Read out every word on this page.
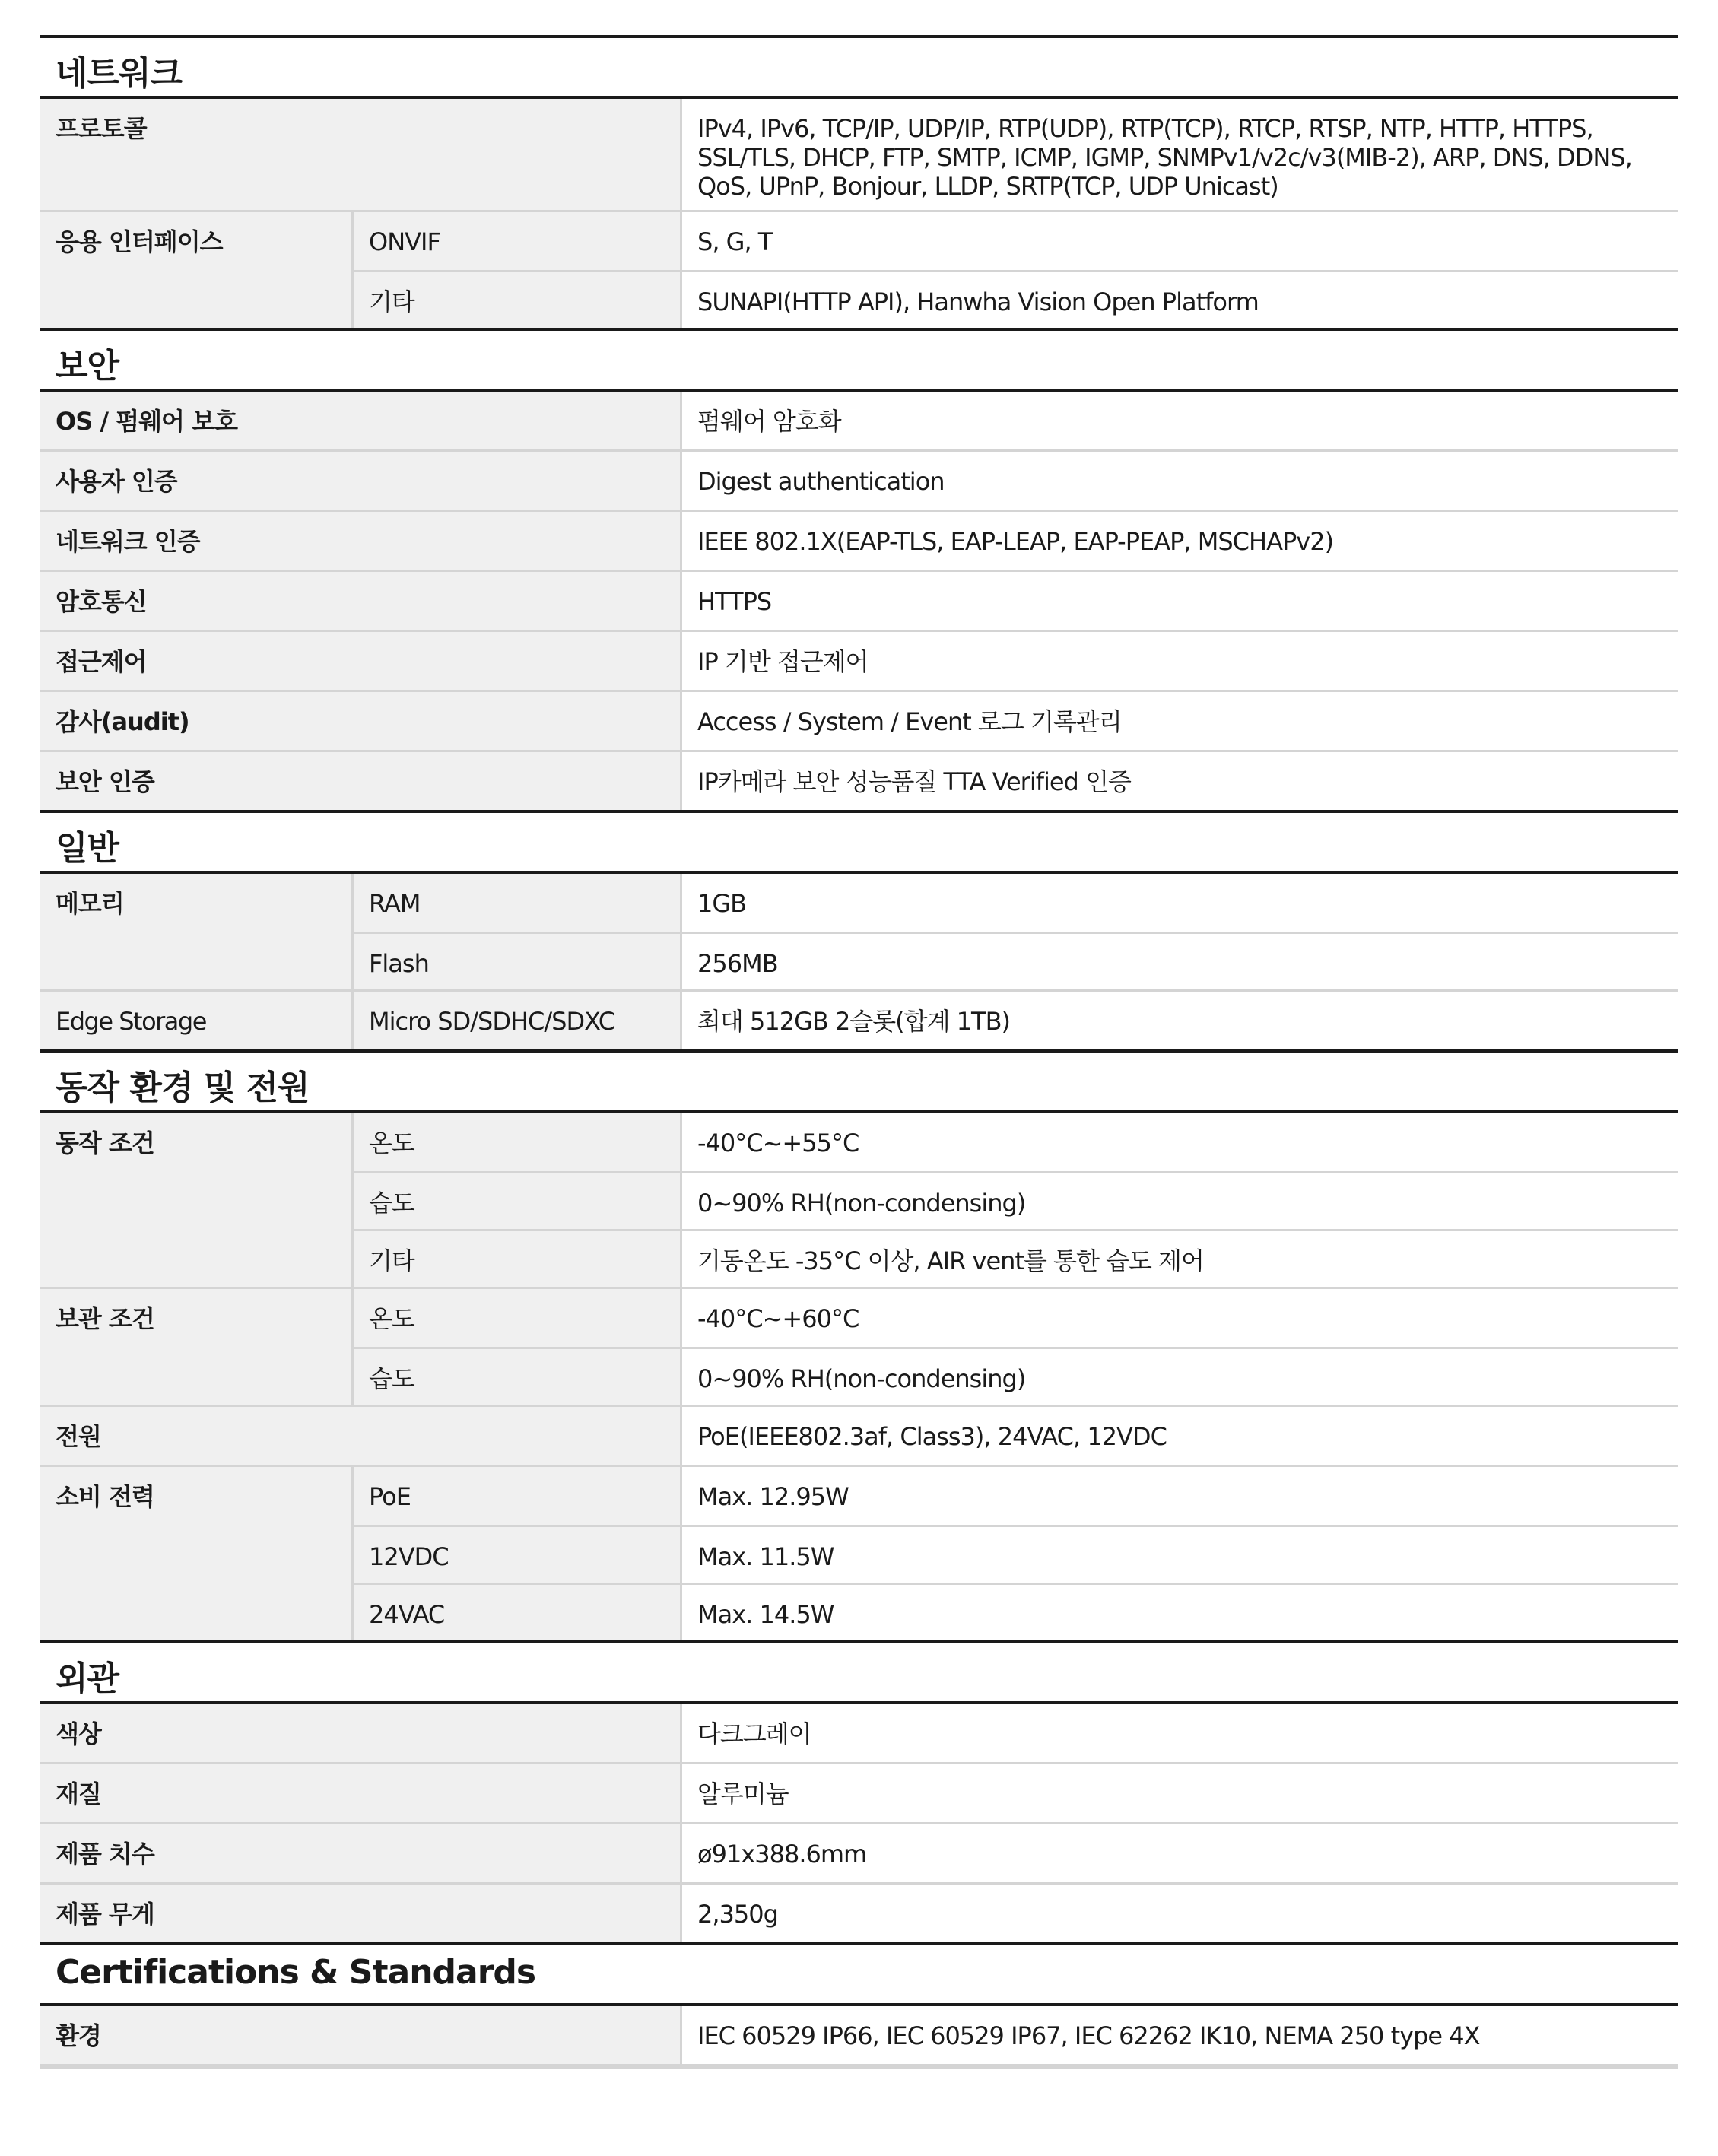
네트워크
프로토콜	IPv4, IPv6, TCP/IP, UDP/IP, RTP(UDP), RTP(TCP), RTCP, RTSP, NTP, HTTP, HTTPS,
SSL/TLS, DHCP, FTP, SMTP, ICMP, IGMP, SNMPv1/v2c/v3(MIB-2), ARP, DNS, DDNS,
QoS, UPnP, Bonjour, LLDP, SRTP(TCP, UDP Unicast)
응용 인터페이스	ONVIF	S, G, T
기타	SUNAPI(HTTP API), Hanwha Vision Open Platform
보안
OS / 펌웨어 보호	펌웨어 암호화
사용자 인증	Digest authentication
네트워크 인증	IEEE 802.1X(EAP-TLS, EAP-LEAP, EAP-PEAP, MSCHAPv2)
암호통신	HTTPS
접근제어	IP 기반 접근제어
감사(audit)	Access / System / Event 로그 기록관리
보안 인증	IP카메라 보안 성능품질 TTA Verified 인증
일반
메모리	RAM	1GB
Flash	256MB
Edge Storage	Micro SD/SDHC/SDXC	최대 512GB 2슬롯(합계 1TB)
동작 환경 및 전원
동작 조건	온도	-40°C~+55°C
습도	0~90% RH(non-condensing)
기타	기동온도 -35°C 이상, AIR vent를 통한 습도 제어
보관 조건	온도	-40°C~+60°C
습도	0~90% RH(non-condensing)
전원	PoE(IEEE802.3af, Class3), 24VAC, 12VDC
소비 전력	PoE	Max. 12.95W
12VDC	Max. 11.5W
24VAC	Max. 14.5W
외관
색상	다크그레이
재질	알루미늄
제품 치수	ø91x388.6mm
제품 무게	2,350g
Certifications & Standards
환경	IEC 60529 IP66, IEC 60529 IP67, IEC 62262 IK10, NEMA 250 type 4X
